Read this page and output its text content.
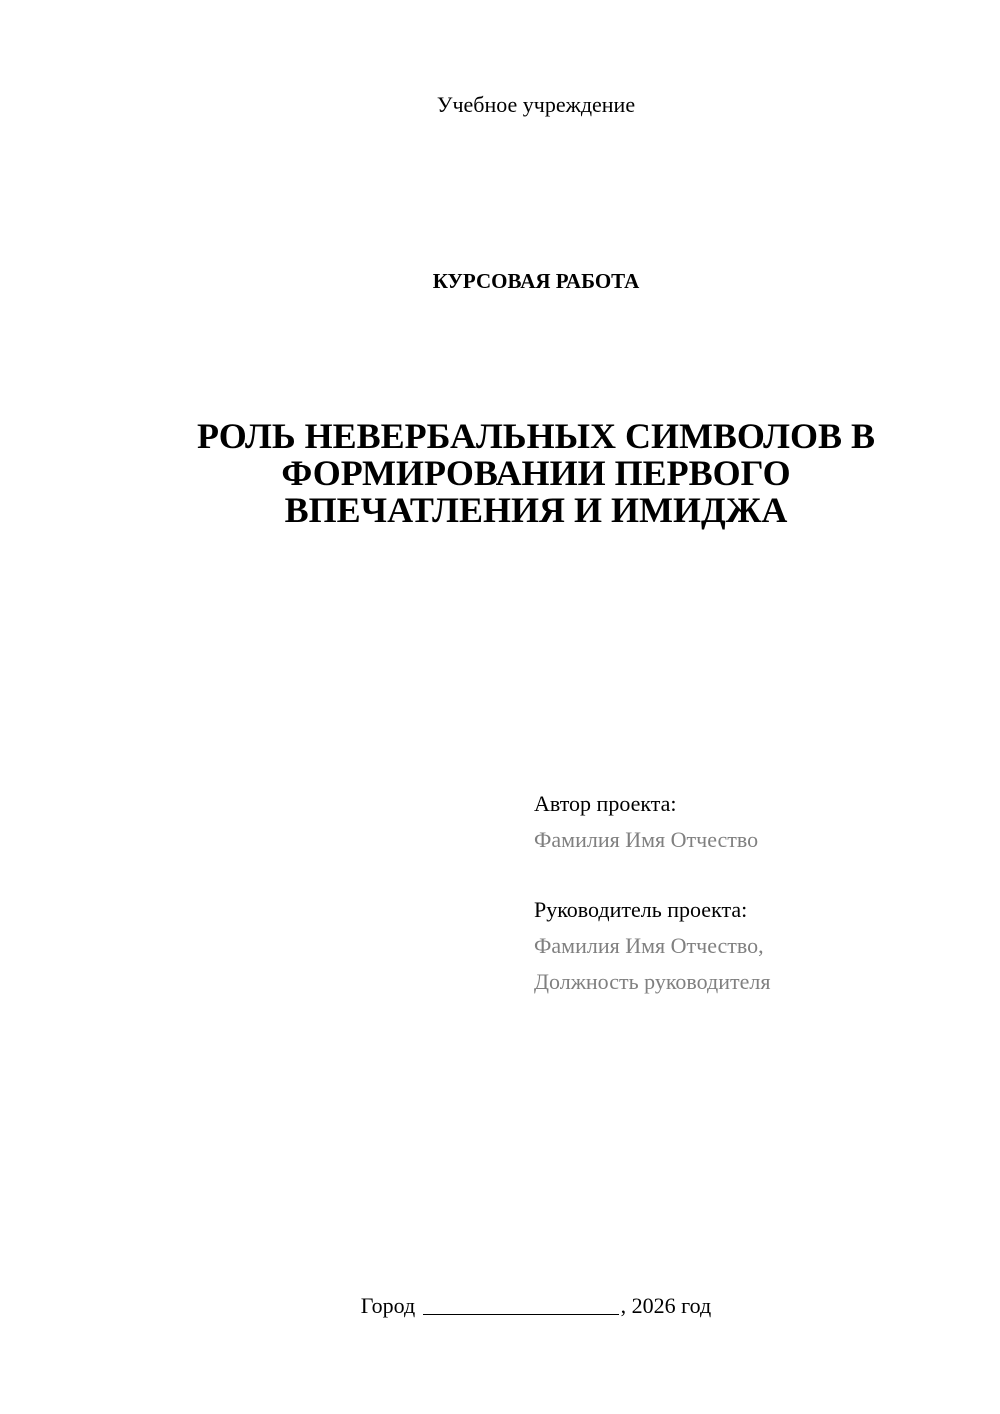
Учебное учреждение
КУРСОВАЯ РАБОТА
РОЛЬ НЕВЕРБАЛЬНЫХ СИМВОЛОВ В
ФОРМИРОВАНИИ ПЕРВОГО
ВПЕЧАТЛЕНИЯ И ИМИДЖА
Автор проекта:
Фамилия Имя Отчество
Руководитель проекта:
Фамилия Имя Отчество,
Должность руководителя
Город	, 2026 год
